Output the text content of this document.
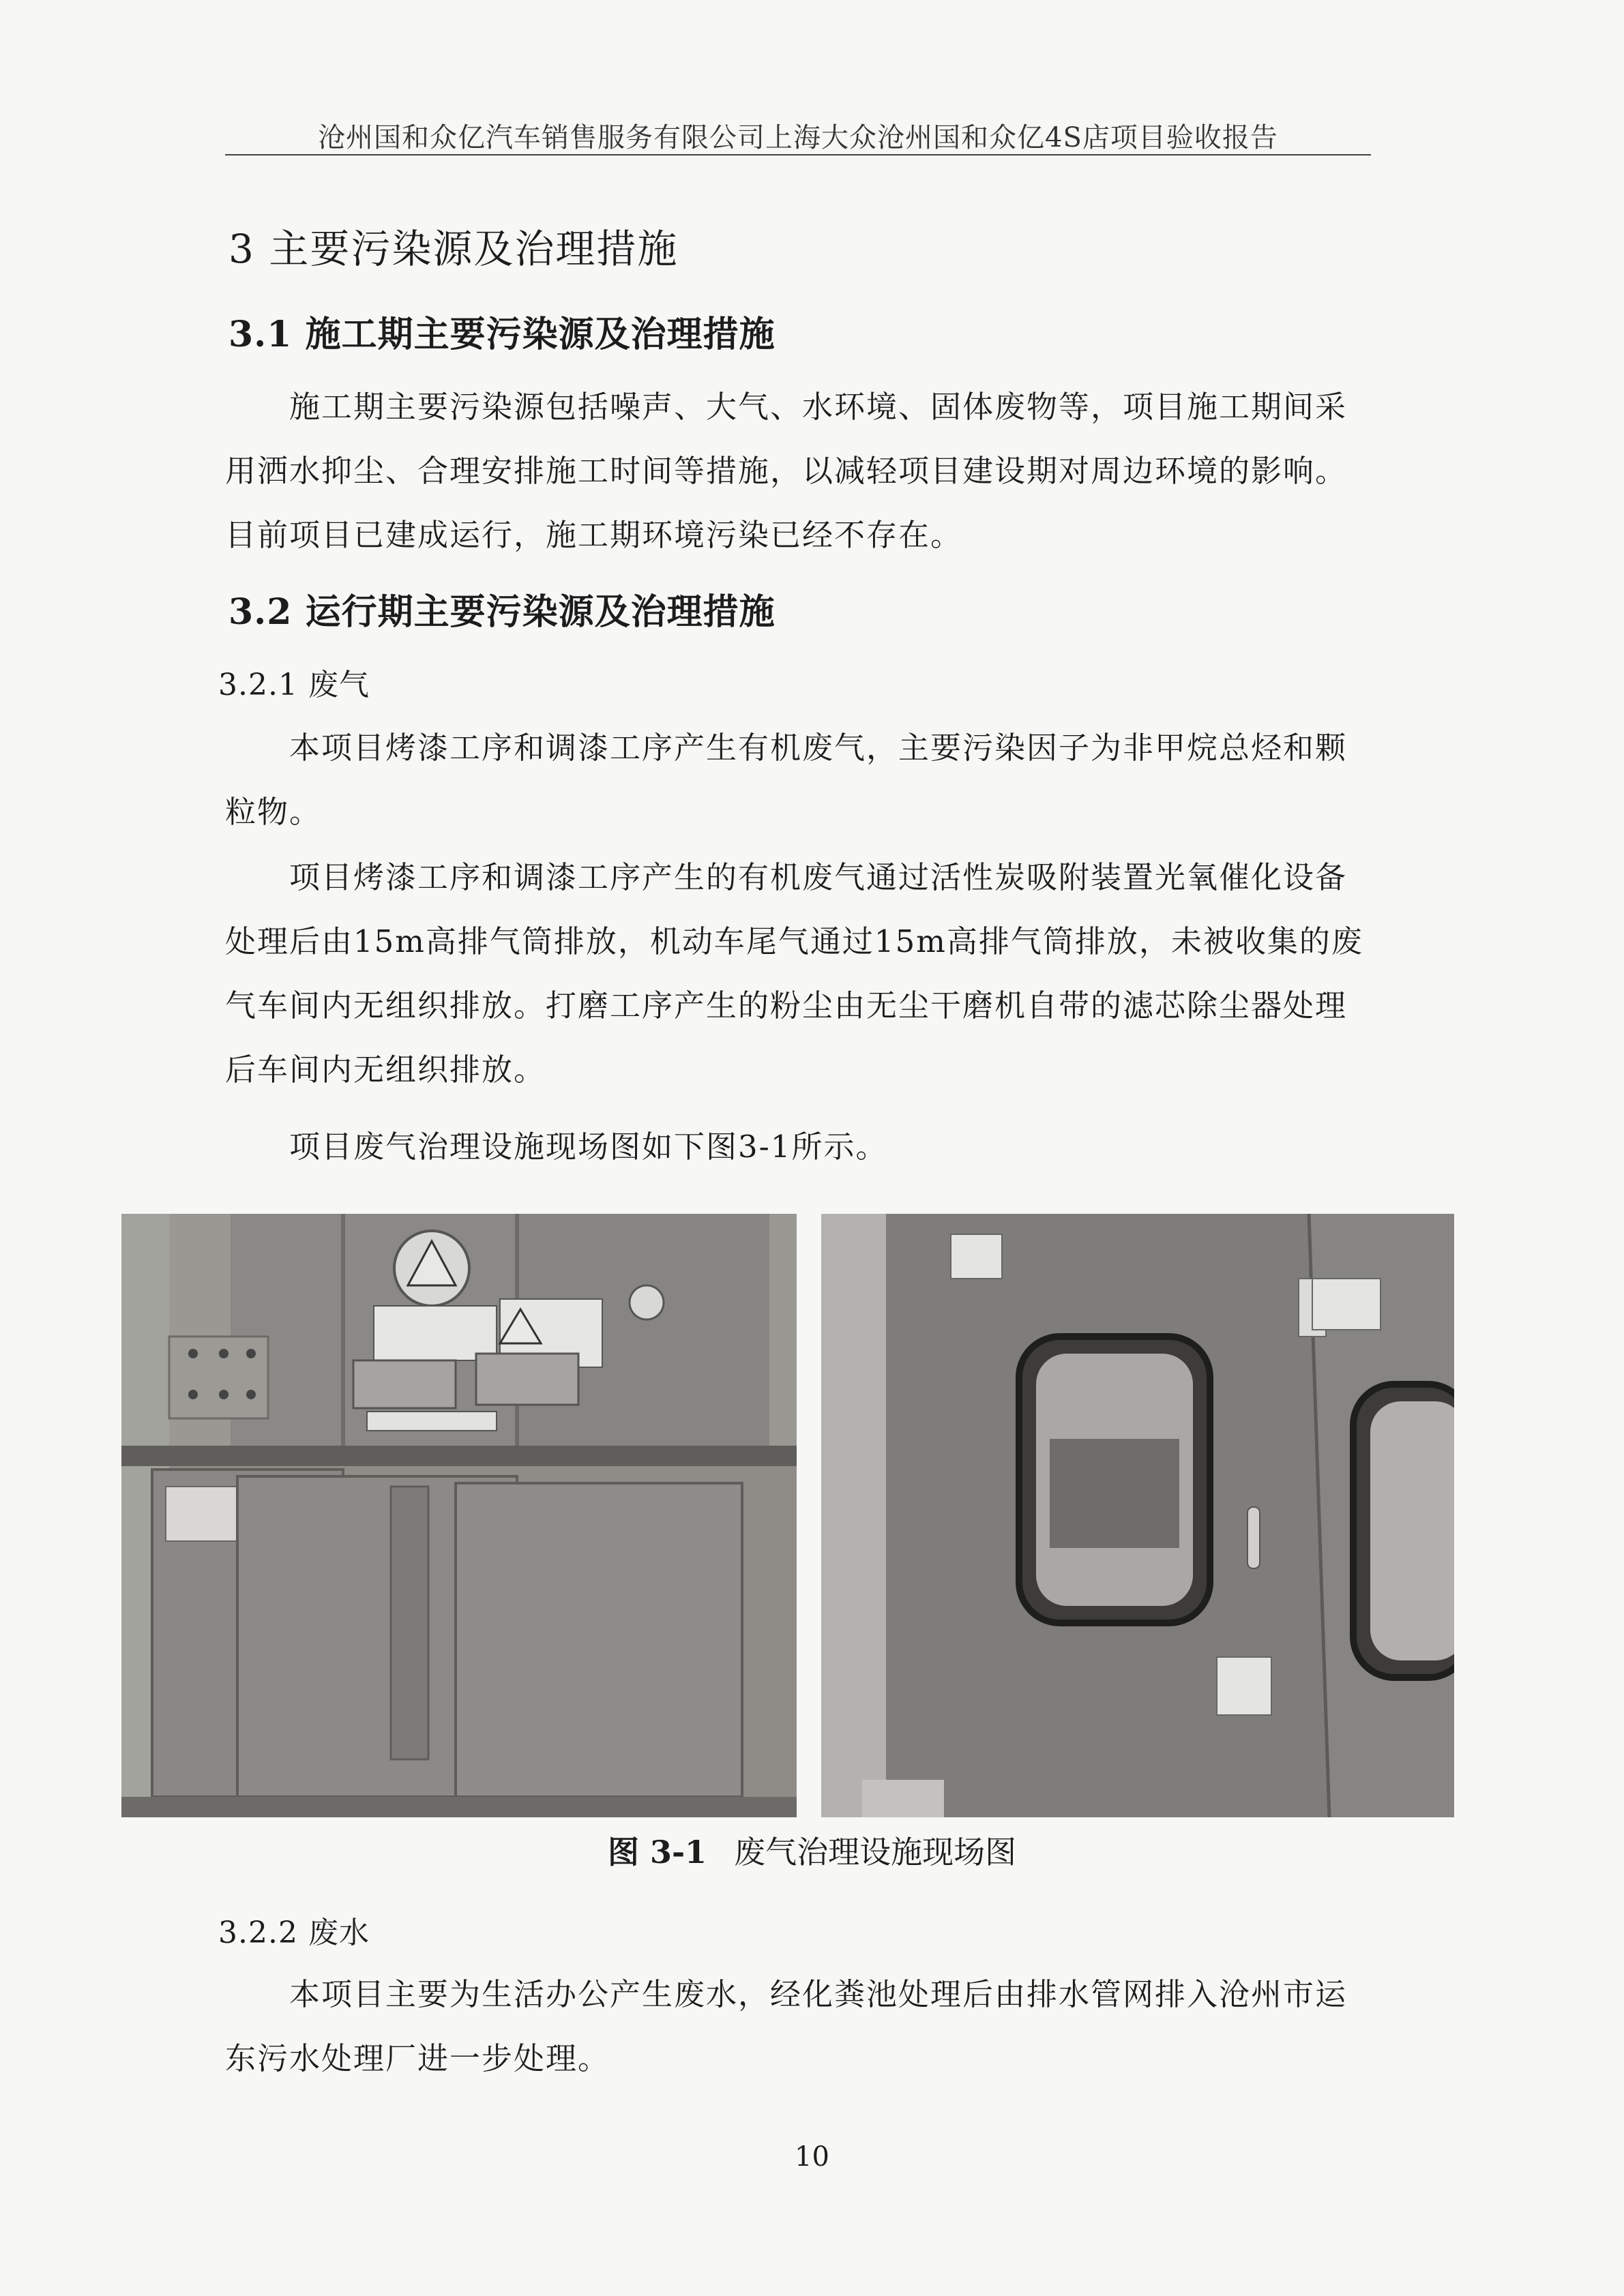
沧州国和众亿汽车销售服务有限公司上海大众沧州国和众亿4S店项目验收报告
3 主要污染源及治理措施
3.1 施工期主要污染源及治理措施
施工期主要污染源包括噪声、大气、水环境、固体废物等，项目施工期间采用洒水抑尘、合理安排施工时间等措施，以减轻项目建设期对周边环境的影响。目前项目已建成运行，施工期环境污染已经不存在。
3.2 运行期主要污染源及治理措施
3.2.1 废气
本项目烤漆工序和调漆工序产生有机废气，主要污染因子为非甲烷总烃和颗粒物。
项目烤漆工序和调漆工序产生的有机废气通过活性炭吸附装置光氧催化设备处理后由15m高排气筒排放，机动车尾气通过15m高排气筒排放，未被收集的废气车间内无组织排放。打磨工序产生的粉尘由无尘干磨机自带的滤芯除尘器处理后车间内无组织排放。
项目废气治理设施现场图如下图3-1所示。
图 3-1 废气治理设施现场图
3.2.2 废水
本项目主要为生活办公产生废水，经化粪池处理后由排水管网排入沧州市运东污水处理厂进一步处理。
10
